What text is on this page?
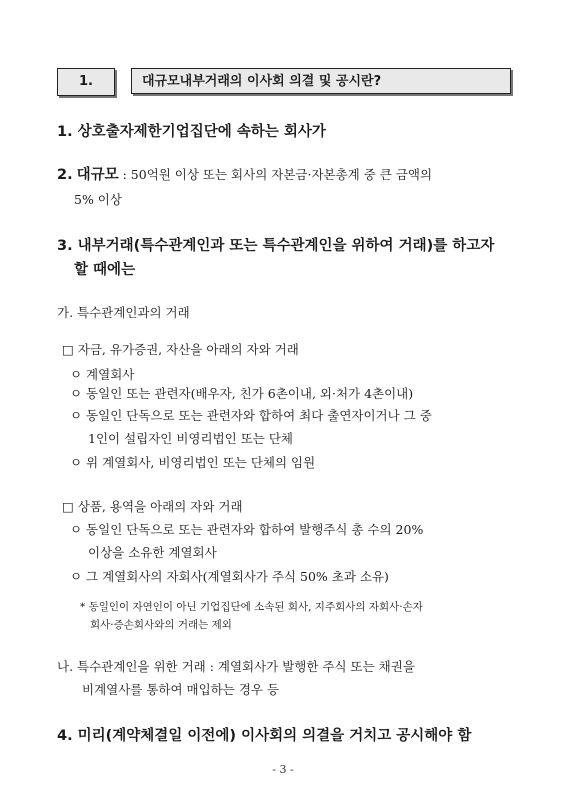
1.	대규모내부거래의 이사회 의결 및 공시란?
1. 상호출자제한기업집단에 속하는 회사가
2. 대규모 : 50억원 이상 또는 회사의 자본금·자본총계 중 큰 금액의
5% 이상
3. 내부거래(특수관계인과 또는 특수관계인을 위하여 거래)를 하고자
할 때에는
가. 특수관계인과의 거래
□ 자금, 유가증권, 자산을 아래의 자와 거래
ㅇ 계열회사
ㅇ 동일인 또는 관련자(배우자, 친가 6촌이내, 외·처가 4촌이내)
ㅇ 동일인 단독으로 또는 관련자와 합하여 최다 출연자이거나 그 중
1인이 설립자인 비영리법인 또는 단체
ㅇ 위 계열회사, 비영리법인 또는 단체의 임원
□ 상품, 용역을 아래의 자와 거래
ㅇ 동일인 단독으로 또는 관련자와 합하여 발행주식 총 수의 20%
이상을 소유한 계열회사
ㅇ 그 계열회사의 자회사(계열회사가 주식 50% 초과 소유)
* 동일인이 자연인이 아닌 기업집단에 소속된 회사, 지주회사의 자회사·손자
회사·증손회사와의 거래는 제외
나. 특수관계인을 위한 거래 : 계열회사가 발행한 주식 또는 채권을
비계열사를 통하여 매입하는 경우 등
4. 미리(계약체결일 이전에) 이사회의 의결을 거치고 공시해야 함
- 3 -
